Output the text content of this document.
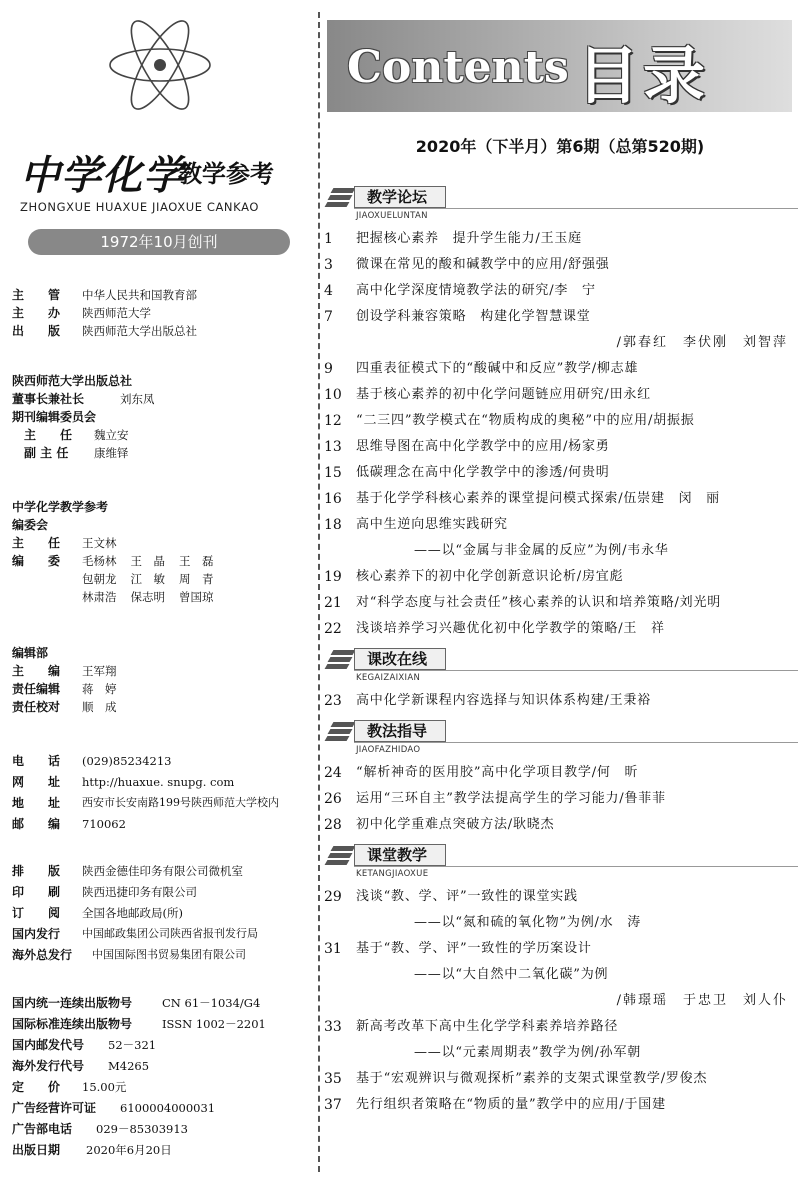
中学化学
教学参考
ZHONGXUE HUAXUE JIAOXUE CANKAO
1972年10月创刊
主　　管	中华人民共和国教育部
主　　办	陕西师范大学
出　　版	陕西师范大学出版总社
陕西师范大学出版总社
董事长兼社长	刘东凤
期刊编辑委员会
主　　任	魏立安
副 主 任	康维铎
中学化学教学参考
编委会
主　　任	王文林
编　　委	毛杨林 王　晶 王　磊
包朝龙 江　敏 周　青
林肃浩 保志明 曾国琼
编辑部
主　　编	王军翔
责任编辑	蒋　婷
责任校对	顺　成
电　　话	(029)85234213
网　　址	http://huaxue. snupg. com
地　　址	西安市长安南路199号陕西师范大学校内
邮　　编	710062
排　　版	陕西金德佳印务有限公司微机室
印　　刷	陕西迅捷印务有限公司
订　　阅	全国各地邮政局(所)
国内发行	中国邮政集团公司陕西省报刊发行局
海外总发行	中国国际图书贸易集团有限公司
国内统一连续出版物号	CN 61－1034/G4
国际标准连续出版物号	ISSN 1002－2201
国内邮发代号	52－321
海外发行代号	M4265
定　　价	15.00元
广告经营许可证	6100004000031
广告部电话	029－85303913
出版日期	2020年6月20日
Contents 目录
2020年（下半月）第6期（总第520期)
教学论坛
JIAOXUELUNTAN
1	把握核心素养　提升学生能力/王玉庭
3	微课在常见的酸和碱教学中的应用/舒强强
4	高中化学深度情境教学法的研究/李　宁
7	创设学科兼容策略　构建化学智慧课堂
/郭春红　李伏刚　刘智萍
9	四重表征模式下的“酸碱中和反应”教学/柳志雄
10	基于核心素养的初中化学问题链应用研究/田永红
12	“二三四”教学模式在“物质构成的奥秘”中的应用/胡振振
13	思维导图在高中化学教学中的应用/杨家勇
15	低碳理念在高中化学教学中的渗透/何贵明
16	基于化学学科核心素养的课堂提问模式探索/伍崇建　闵　丽
18	高中生逆向思维实践研究
——以“金属与非金属的反应”为例/韦永华
19	核心素养下的初中化学创新意识论析/房宜彪
21	对“科学态度与社会责任”核心素养的认识和培养策略/刘光明
22	浅谈培养学习兴趣优化初中化学教学的策略/王　祥
课改在线
KEGAIZAIXIAN
23	高中化学新课程内容选择与知识体系构建/王秉裕
教法指导
JIAOFAZHIDAO
24	“解析神奇的医用胶”高中化学项目教学/何　昕
26	运用“三环自主”教学法提高学生的学习能力/鲁菲菲
28	初中化学重难点突破方法/耿晓杰
课堂教学
KETANGJIAOXUE
29	浅谈“教、学、评”一致性的课堂实践
——以“氮和硫的氧化物”为例/水　涛
31	基于“教、学、评”一致性的学历案设计
——以“大自然中二氧化碳”为例
/韩璟瑶　于忠卫　刘人仆
33	新高考改革下高中生化学学科素养培养路径
——以“元素周期表”教学为例/孙军朝
35	基于“宏观辨识与微观探析”素养的支架式课堂教学/罗俊杰
37	先行组织者策略在“物质的量”教学中的应用/于国建
